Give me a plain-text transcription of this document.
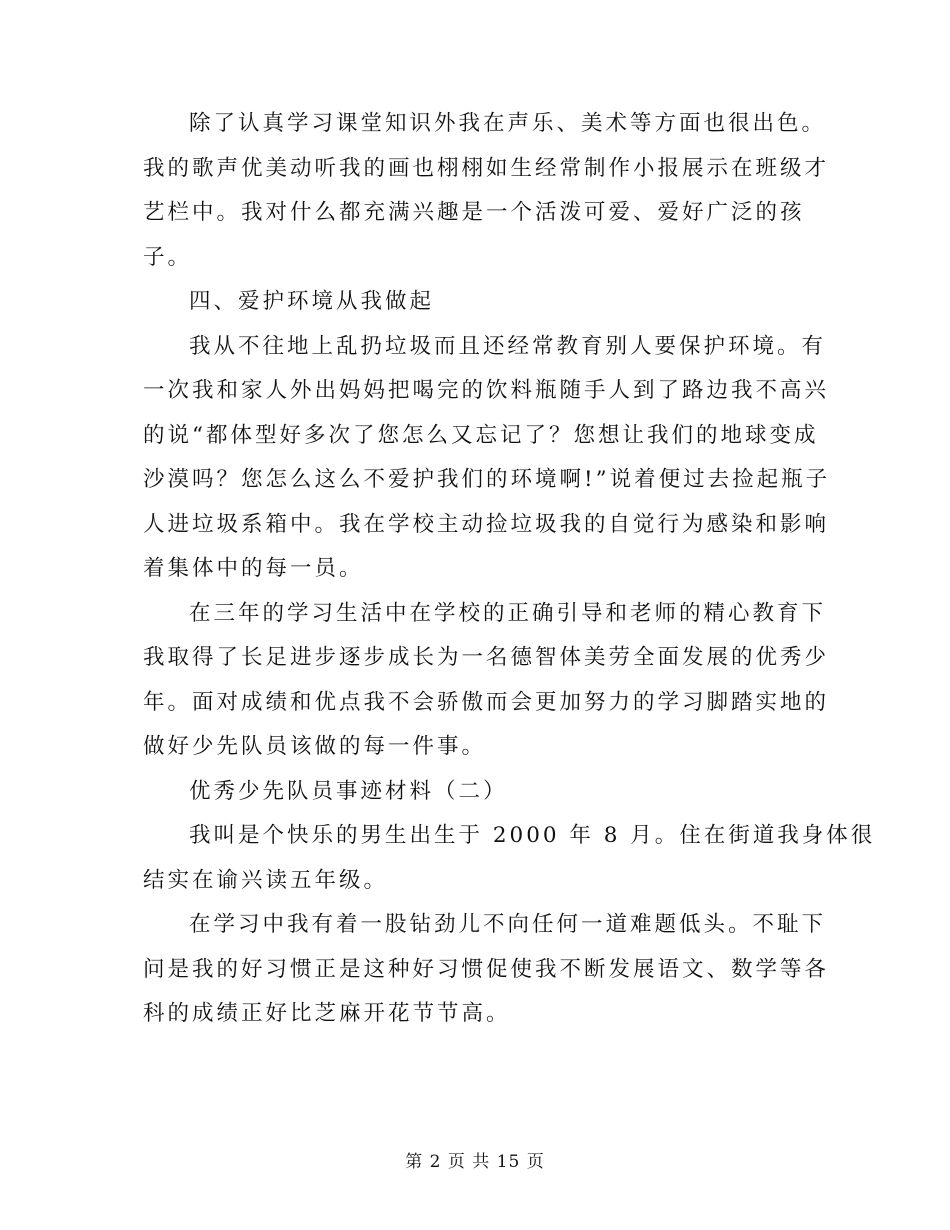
除了认真学习课堂知识外我在声乐、美术等方面也很出色。
我的歌声优美动听我的画也栩栩如生经常制作小报展示在班级才
艺栏中。我对什么都充满兴趣是一个活泼可爱、爱好广泛的孩
子。

四、爱护环境从我做起

我从不往地上乱扔垃圾而且还经常教育别人要保护环境。有
一次我和家人外出妈妈把喝完的饮料瓶随手人到了路边我不高兴
的说“都体型好多次了您怎么又忘记了？您想让我们的地球变成
沙漠吗？您怎么这么不爱护我们的环境啊!”说着便过去捡起瓶子
人进垃圾系箱中。我在学校主动捡垃圾我的自觉行为感染和影响
着集体中的每一员。

在三年的学习生活中在学校的正确引导和老师的精心教育下
我取得了长足进步逐步成长为一名德智体美劳全面发展的优秀少
年。面对成绩和优点我不会骄傲而会更加努力的学习脚踏实地的
做好少先队员该做的每一件事。

优秀少先队员事迹材料（二）

我叫是个快乐的男生出生于 2000 年 8 月。住在街道我身体很
结实在谕兴读五年级。

在学习中我有着一股钻劲儿不向任何一道难题低头。不耻下
问是我的好习惯正是这种好习惯促使我不断发展语文、数学等各
科的成绩正好比芝麻开花节节高。

第 2 页 共 15 页
